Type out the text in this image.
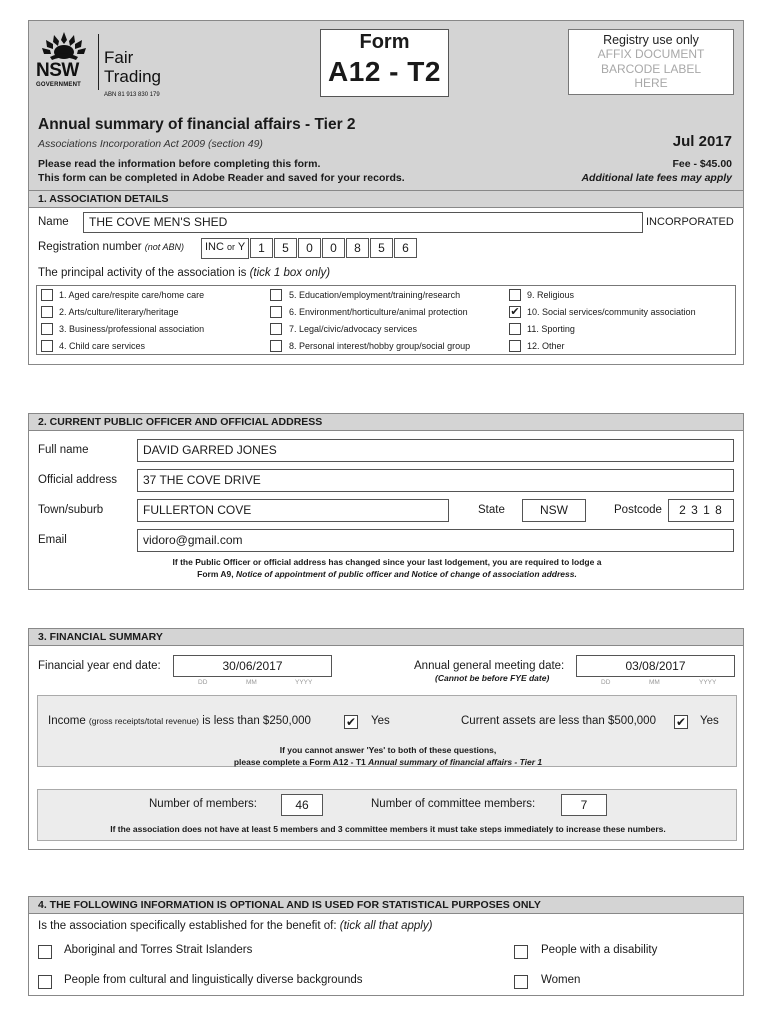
NSW
GOVERNMENT
Fair
Trading
ABN 81 913 830 179
Form
A12 - T2
Registry use only
AFFIX DOCUMENT
BARCODE LABEL
HERE
Annual summary of financial affairs - Tier 2
Associations Incorporation Act 2009 (section 49)	Jul 2017
Please read the information before completing this form.
This form can be completed in Adobe Reader and saved for your records.
Fee - $45.00
Additional late fees may apply
1. ASSOCIATION DETAILS
Name	THE COVE MEN'S SHED	INCORPORATED
Registration number (not ABN)	INC or Y	1	5	0	0	8	5	6
The principal activity of the association is (tick 1 box only)
1. Aged care/respite care/home care
2. Arts/culture/literary/heritage
3. Business/professional association
4. Child care services
5. Education/employment/training/research
6. Environment/horticulture/animal protection
7. Legal/civic/advocacy services
8. Personal interest/hobby group/social group
9. Religious
✔ 10. Social services/community association
11. Sporting
12. Other
2. CURRENT PUBLIC OFFICER AND OFFICIAL ADDRESS
Full name	DAVID GARRED JONES
Official address	37 THE COVE DRIVE
Town/suburb	FULLERTON COVE	State	NSW	Postcode	2 3 1 8
Email	vidoro@gmail.com
If the Public Officer or official address has changed since your last lodgement, you are required to lodge a
Form A9, Notice of appointment of public officer and Notice of change of association address.
3. FINANCIAL SUMMARY
Financial year end date:	30/06/2017
DD	MM	YYYY
Annual general meeting date:
(Cannot be before FYE date)
03/08/2017
DD	MM	YYYY
Income (gross receipts/total revenue) is less than $250,000	✔ Yes	Current assets are less than $500,000 ✔ Yes
If you cannot answer 'Yes' to both of these questions,
please complete a Form A12 - T1 Annual summary of financial affairs - Tier 1
Number of members:	46	Number of committee members:	7
If the association does not have at least 5 members and 3 committee members it must take steps immediately to increase these numbers.
4. THE FOLLOWING INFORMATION IS OPTIONAL AND IS USED FOR STATISTICAL PURPOSES ONLY
Is the association specifically established for the benefit of: (tick all that apply)
Aboriginal and Torres Strait Islanders
People from cultural and linguistically diverse backgrounds
People with a disability
Women
